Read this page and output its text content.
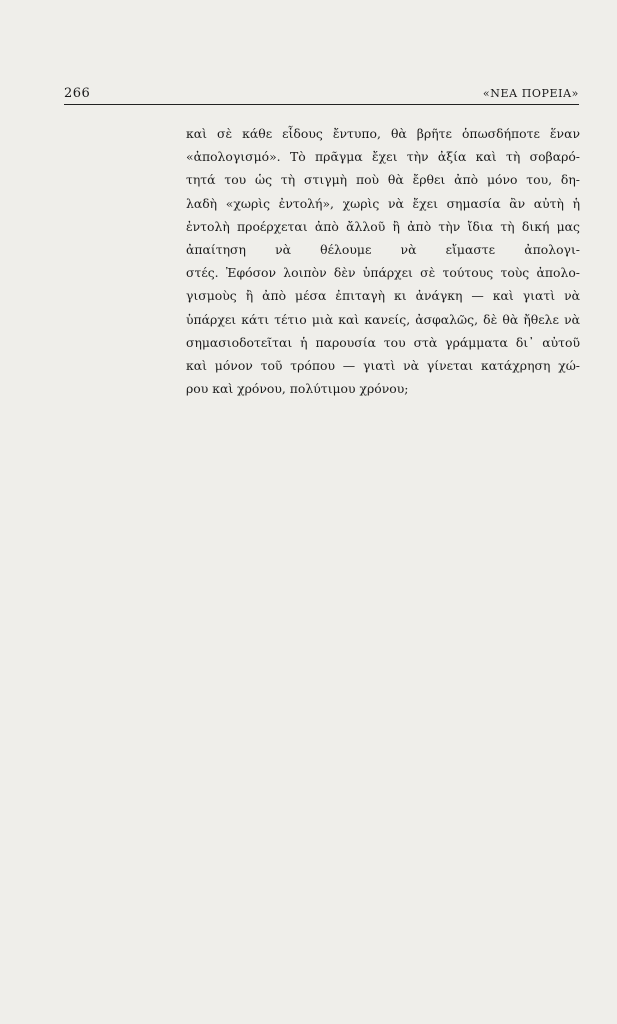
266	«ΝΕΑ ΠΟΡΕΙΑ»
καὶ σὲ κάθε εἶδους ἔντυπο, θὰ βρῆτε ὁπωσδήποτε ἕναν
«ἀπολογισμό». Τὸ πρᾶγμα ἔχει τὴν ἀξία καὶ τὴ σοβαρό-
τητά του ὡς τὴ στιγμὴ ποὺ θὰ ἔρθει ἀπὸ μόνο του, δη-
λαδὴ «χωρὶς ἐντολή», χωρὶς νὰ ἔχει σημασία ἂν αὐτὴ ἡ
ἐντολὴ προέρχεται ἀπὸ ἄλλοῦ ἢ ἀπὸ τὴν ἴδια τὴ δική μας
ἀπαίτηση νὰ θέλουμε νὰ εἴμαστε ἀπολογι-
στές. Ἐφόσον λοιπὸν δὲν ὑπάρχει σὲ τούτους τοὺς ἀπολο-
γισμοὺς ἢ ἀπὸ μέσα ἐπιταγὴ κι ἀνάγκη — καὶ γιατὶ νὰ
ὑπάρχει κάτι τέτιο μιὰ καὶ κανείς, ἀσφαλῶς, δὲ θὰ ἤθελε νὰ
σημασιοδοτεῖται ἡ παρουσία του στὰ γράμματα δι᾽ αὐτοῦ
καὶ μόνον τοῦ τρόπου — γιατὶ νὰ γίνεται κατάχρηση χώ-
ρου καὶ χρόνου, πολύτιμου χρόνου;
